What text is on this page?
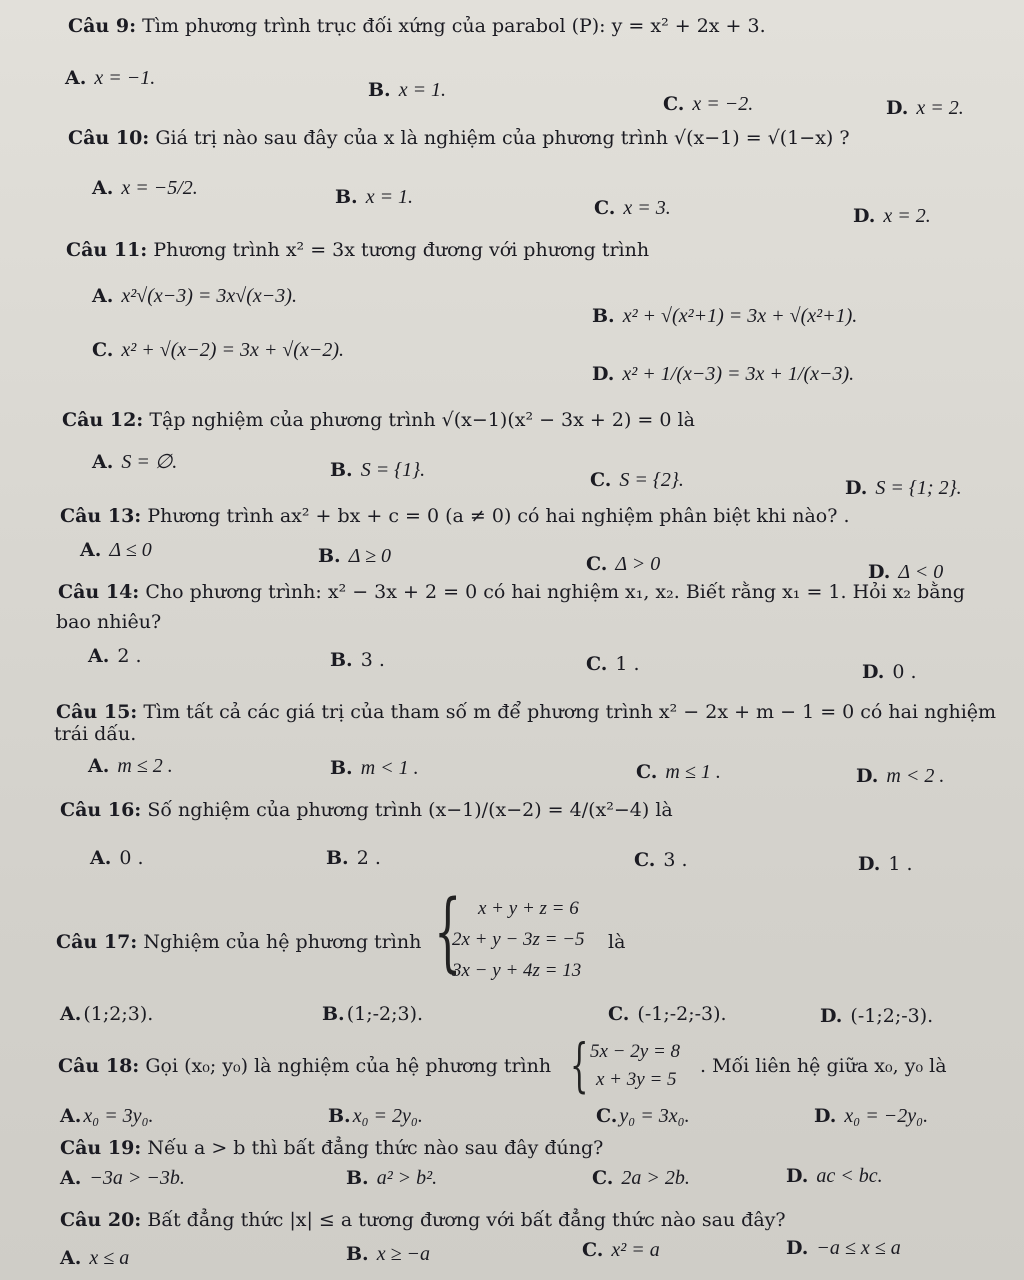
Câu 9: Tìm phương trình trục đối xứng của parabol (P): y = x² + 2x + 3.
A. x = −1.
B. x = 1.
C. x = −2.	D. x = 2.
Câu 10: Giá trị nào sau đây của x là nghiệm của phương trình √(x−1) = √(1−x) ?
A. x = −5/2.	B. x = 1.	C. x = 3.	D. x = 2.
Câu 11: Phương trình x² = 3x tương đương với phương trình
A. x²√(x−3) = 3x√(x−3).
B. x² + √(x²+1) = 3x + √(x²+1).
C. x² + √(x−2) = 3x + √(x−2).
D. x² + 1/(x−3) = 3x + 1/(x−3).
Câu 12: Tập nghiệm của phương trình √(x−1)(x² − 3x + 2) = 0 là
A. S = ∅.	B. S = {1}.	C. S = {2}.	D. S = {1; 2}.
Câu 13: Phương trình ax² + bx + c = 0 (a ≠ 0) có hai nghiệm phân biệt khi nào? .
A. Δ ≤ 0	B. Δ ≥ 0	C. Δ > 0	D. Δ < 0
Câu 14: Cho phương trình: x² − 3x + 2 = 0 có hai nghiệm x₁, x₂. Biết rằng x₁ = 1. Hỏi x₂ bằng
bao nhiêu?
A. 2 .	B. 3 .	C. 1 .	D. 0 .
Câu 15: Tìm tất cả các giá trị của tham số m để phương trình x² − 2x + m − 1 = 0 có hai nghiệm
trái dấu.
A. m ≤ 2 .	B. m < 1 .	C. m ≤ 1 .	D. m < 2 .
Câu 16: Số nghiệm của phương trình (x−1)/(x−2) = 4/(x²−4) là
A. 0 .	B. 2 .	C. 3 .	D. 1 .
Câu 17: Nghiệm của hệ phương trình { x + y + z = 6
2x + y − 3z = −5
3x − y + 4z = 13
là
A. (1;2;3).	B. (1;-2;3).	C. (-1;-2;-3).	D. (-1;2;-3).
Câu 18: Gọi (x₀; y₀) là nghiệm của hệ phương trình { 5x − 2y = 8
x + 3y = 5
. Mối liên hệ giữa x₀, y₀ là
A. x₀ = 3y₀.	B. x₀ = 2y₀.	C. y₀ = 3x₀.	D. x₀ = −2y₀.
Câu 19: Nếu a > b thì bất đẳng thức nào sau đây đúng?
A. −3a > −3b.	B. a² > b².	C. 2a > 2b.	D. ac < bc.
Câu 20: Bất đẳng thức |x| ≤ a tương đương với bất đẳng thức nào sau đây?
A. x ≤ a	B. x ≥ −a	C. x² = a	D. −a ≤ x ≤ a
